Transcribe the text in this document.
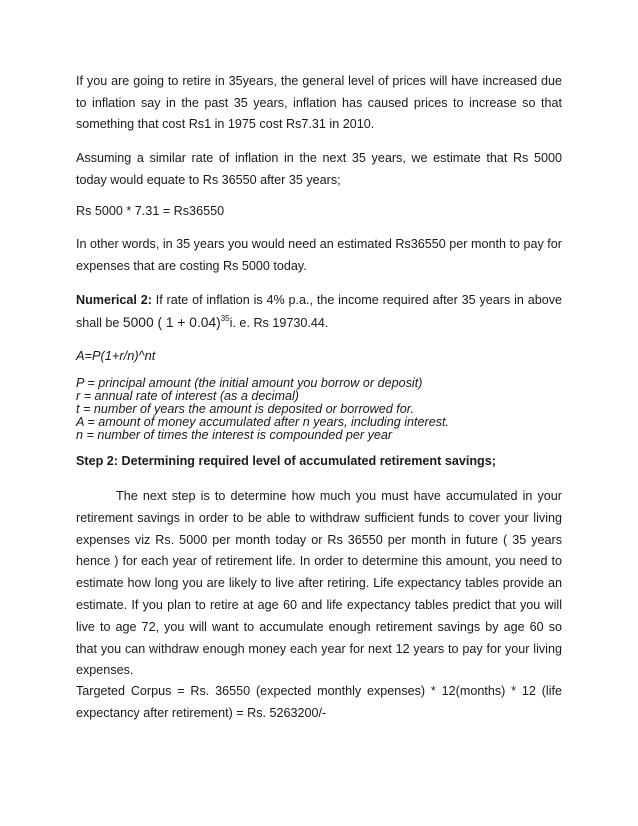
If you are going to retire in 35years, the general level of prices will have increased due to inflation say in the past 35 years, inflation has caused prices to increase so that something that cost Rs1 in 1975 cost Rs7.31 in 2010.

Assuming a similar rate of inflation in the next 35 years, we estimate that Rs 5000 today would equate to Rs 36550 after 35 years;

Rs 5000 * 7.31 = Rs36550

In other words, in 35 years you would need an estimated Rs36550 per month to pay for expenses that are costing Rs 5000 today.

Numerical 2: If rate of inflation is 4% p.a., the income required after 35 years in above shall be 5000 ( 1 + 0.04)$^{35}$i. e. Rs 19730.44.

A=P(1+r/n)^nt

P = principal amount (the initial amount you borrow or deposit)

r = annual rate of interest (as a decimal)

t = number of years the amount is deposited or borrowed for.

A = amount of money accumulated after n years, including interest.

n = number of times the interest is compounded per year

Step 2: Determining required level of accumulated retirement savings;

The next step is to determine how much you must have accumulated in your retirement savings in order to be able to withdraw sufficient funds to cover your living expenses viz Rs. 5000 per month today or Rs 36550 per month in future ( 35 years hence ) for each year of retirement life. In order to determine this amount, you need to estimate how long you are likely to live after retiring. Life expectancy tables provide an estimate. If you plan to retire at age 60 and life expectancy tables predict that you will live to age 72, you will want to accumulate enough retirement savings by age 60 so that you can withdraw enough money each year for next 12 years to pay for your living expenses.

Targeted Corpus = Rs. 36550 (expected monthly expenses) * 12(months) * 12 (life expectancy after retirement) = Rs. 5263200/-
